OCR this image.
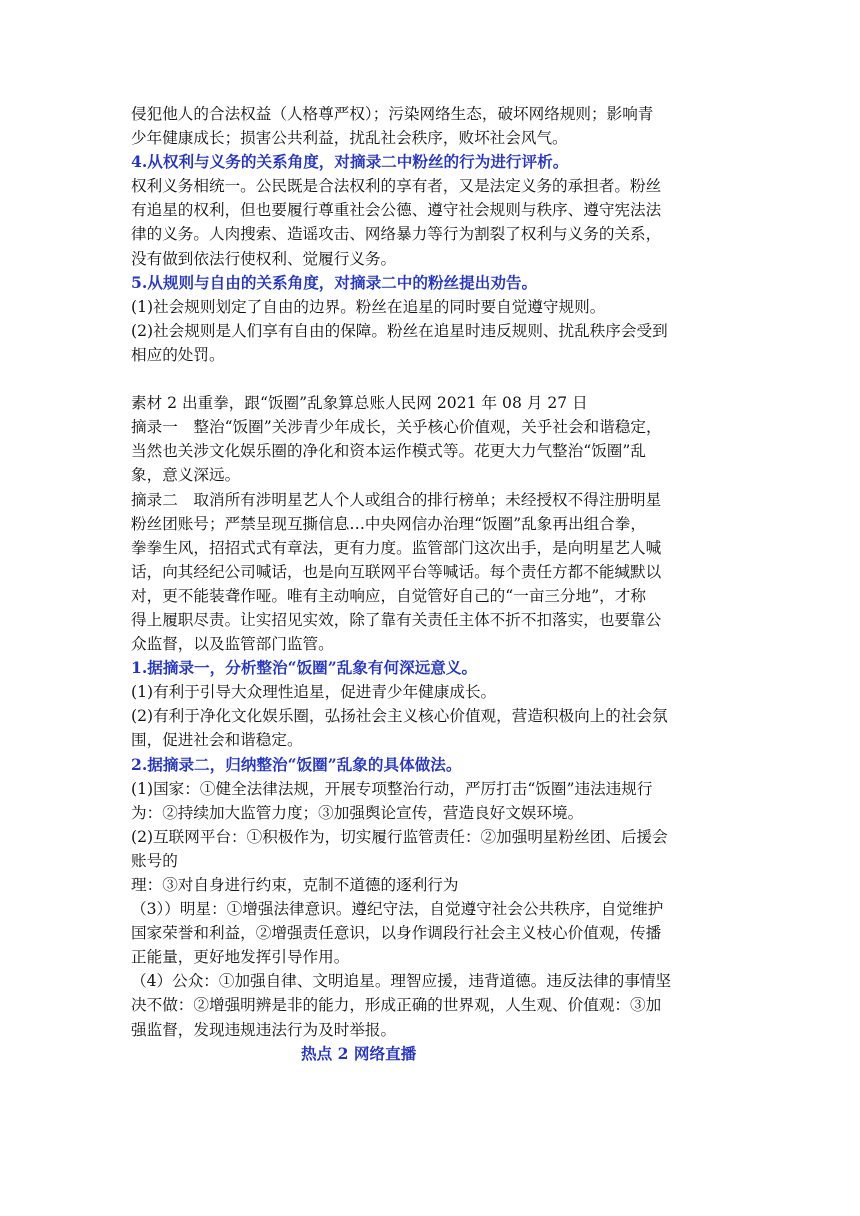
侵犯他人的合法权益（人格尊严权）；污染网络生态，破坏网络规则；影响青
少年健康成长；损害公共利益，扰乱社会秩序，败坏社会风气。
4.从权利与义务的关系角度，对摘录二中粉丝的行为进行评析。
权利义务相统一。公民既是合法权利的享有者，又是法定义务的承担者。粉丝
有追星的权利，但也要履行尊重社会公德、遵守社会规则与秩序、遵守宪法法
律的义务。人肉搜索、造谣攻击、网络暴力等行为割裂了权利与义务的关系，
没有做到依法行使权利、觉履行义务。
5.从规则与自由的关系角度，对摘录二中的粉丝提出劝告。
(1)社会规则划定了自由的边界。粉丝在追星的同时要自觉遵守规则。
(2)社会规则是人们享有自由的保障。粉丝在追星时违反规则、扰乱秩序会受到
相应的处罚。
素材 2 出重拳，跟“饭圈”乱象算总账人民网 2021 年 08 月 27 日
摘录一　整治“饭圈”关涉青少年成长，关乎核心价值观，关乎社会和谐稳定，
当然也关涉文化娱乐圈的净化和资本运作模式等。花更大力气整治“饭圈”乱
象，意义深远。
摘录二　取消所有涉明星艺人个人或组合的排行榜单；未经授权不得注册明星
粉丝团账号；严禁呈现互撕信息…中央网信办治理“饭圈”乱象再出组合拳，
拳拳生风，招招式式有章法，更有力度。监管部门这次出手，是向明星艺人喊
话，向其经纪公司喊话，也是向互联网平台等喊话。每个责任方都不能缄默以
对，更不能装聋作哑。唯有主动响应，自觉管好自己的“一亩三分地”，才称
得上履职尽责。让实招见实效，除了靠有关责任主体不折不扣落实，也要靠公
众监督，以及监管部门监管。
1.据摘录一，分析整治“饭圈”乱象有何深远意义。
(1)有利于引导大众理性追星，促进青少年健康成长。
(2)有利于净化文化娱乐圈，弘扬社会主义核心价值观，营造积极向上的社会氛
围，促进社会和谐稳定。
2.据摘录二，归纳整治“饭圈”乱象的具体做法。
(1)国家：①健全法律法规，开展专项整治行动，严厉打击“饭圈”违法违规行
为：②持续加大监管力度；③加强舆论宣传，营造良好文娱环境。
(2)互联网平台：①积极作为，切实履行监管责任：②加强明星粉丝团、后援会
账号的
理：③对自身进行约束，克制不道德的逐利行为
（3））明星：①增强法律意识。遵纪守法，自觉遵守社会公共秩序，自觉维护
国家荣誉和利益，②增强责任意识，以身作调段行社会主义枝心价值观，传播
正能量，更好地发挥引导作用。
（4）公众：①加强自律、文明追星。理智应援，违背道德。违反法律的事情坚
决不做：②增强明辨是非的能力，形成正确的世界观，人生观、价值观：③加
强监督，发现违规违法行为及时举报。
热点 2 网络直播
